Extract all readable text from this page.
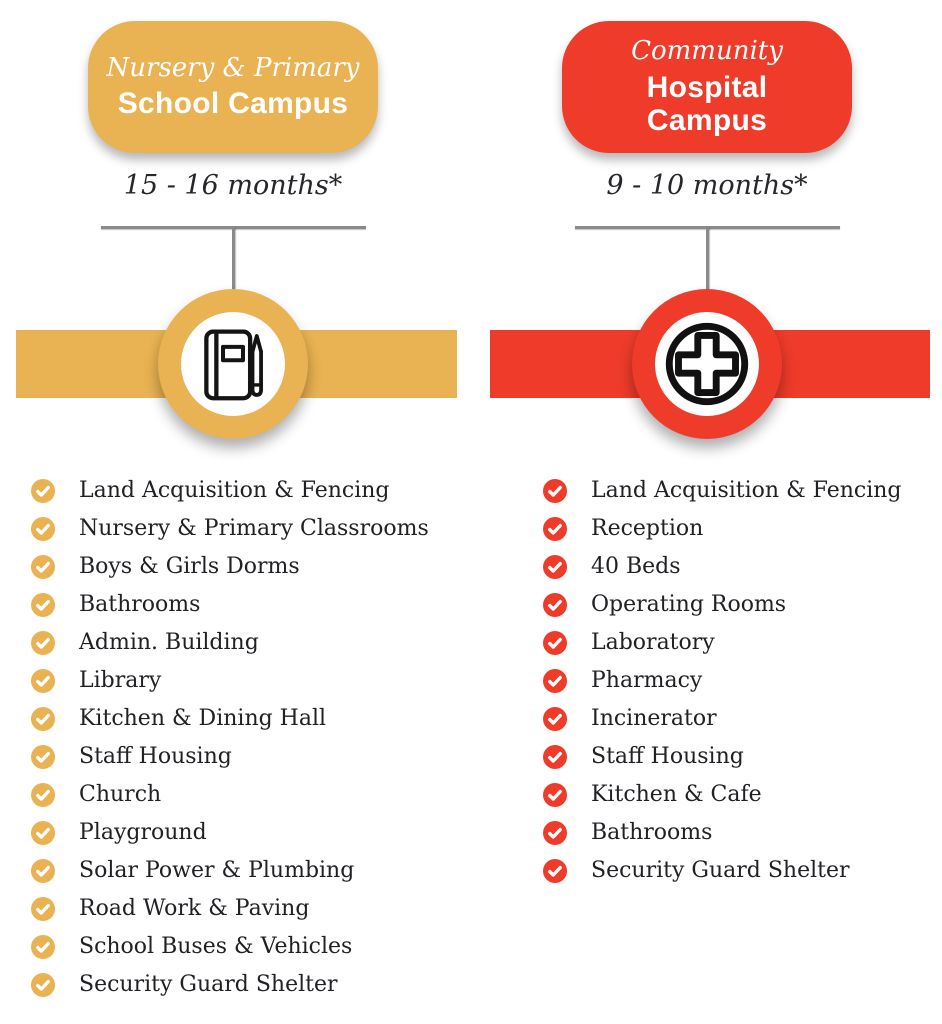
Nursery & Primary
School Campus
15 - 16 months*
Land Acquisition & Fencing
Nursery & Primary Classrooms
Boys & Girls Dorms
Bathrooms
Admin. Building
Library
Kitchen & Dining Hall
Staff Housing
Church
Playground
Solar Power & Plumbing
Road Work & Paving
School Buses & Vehicles
Security Guard Shelter
Community
Hospital
Campus
9 - 10 months*
Land Acquisition & Fencing
Reception
40 Beds
Operating Rooms
Laboratory
Pharmacy
Incinerator
Staff Housing
Kitchen & Cafe
Bathrooms
Security Guard Shelter
